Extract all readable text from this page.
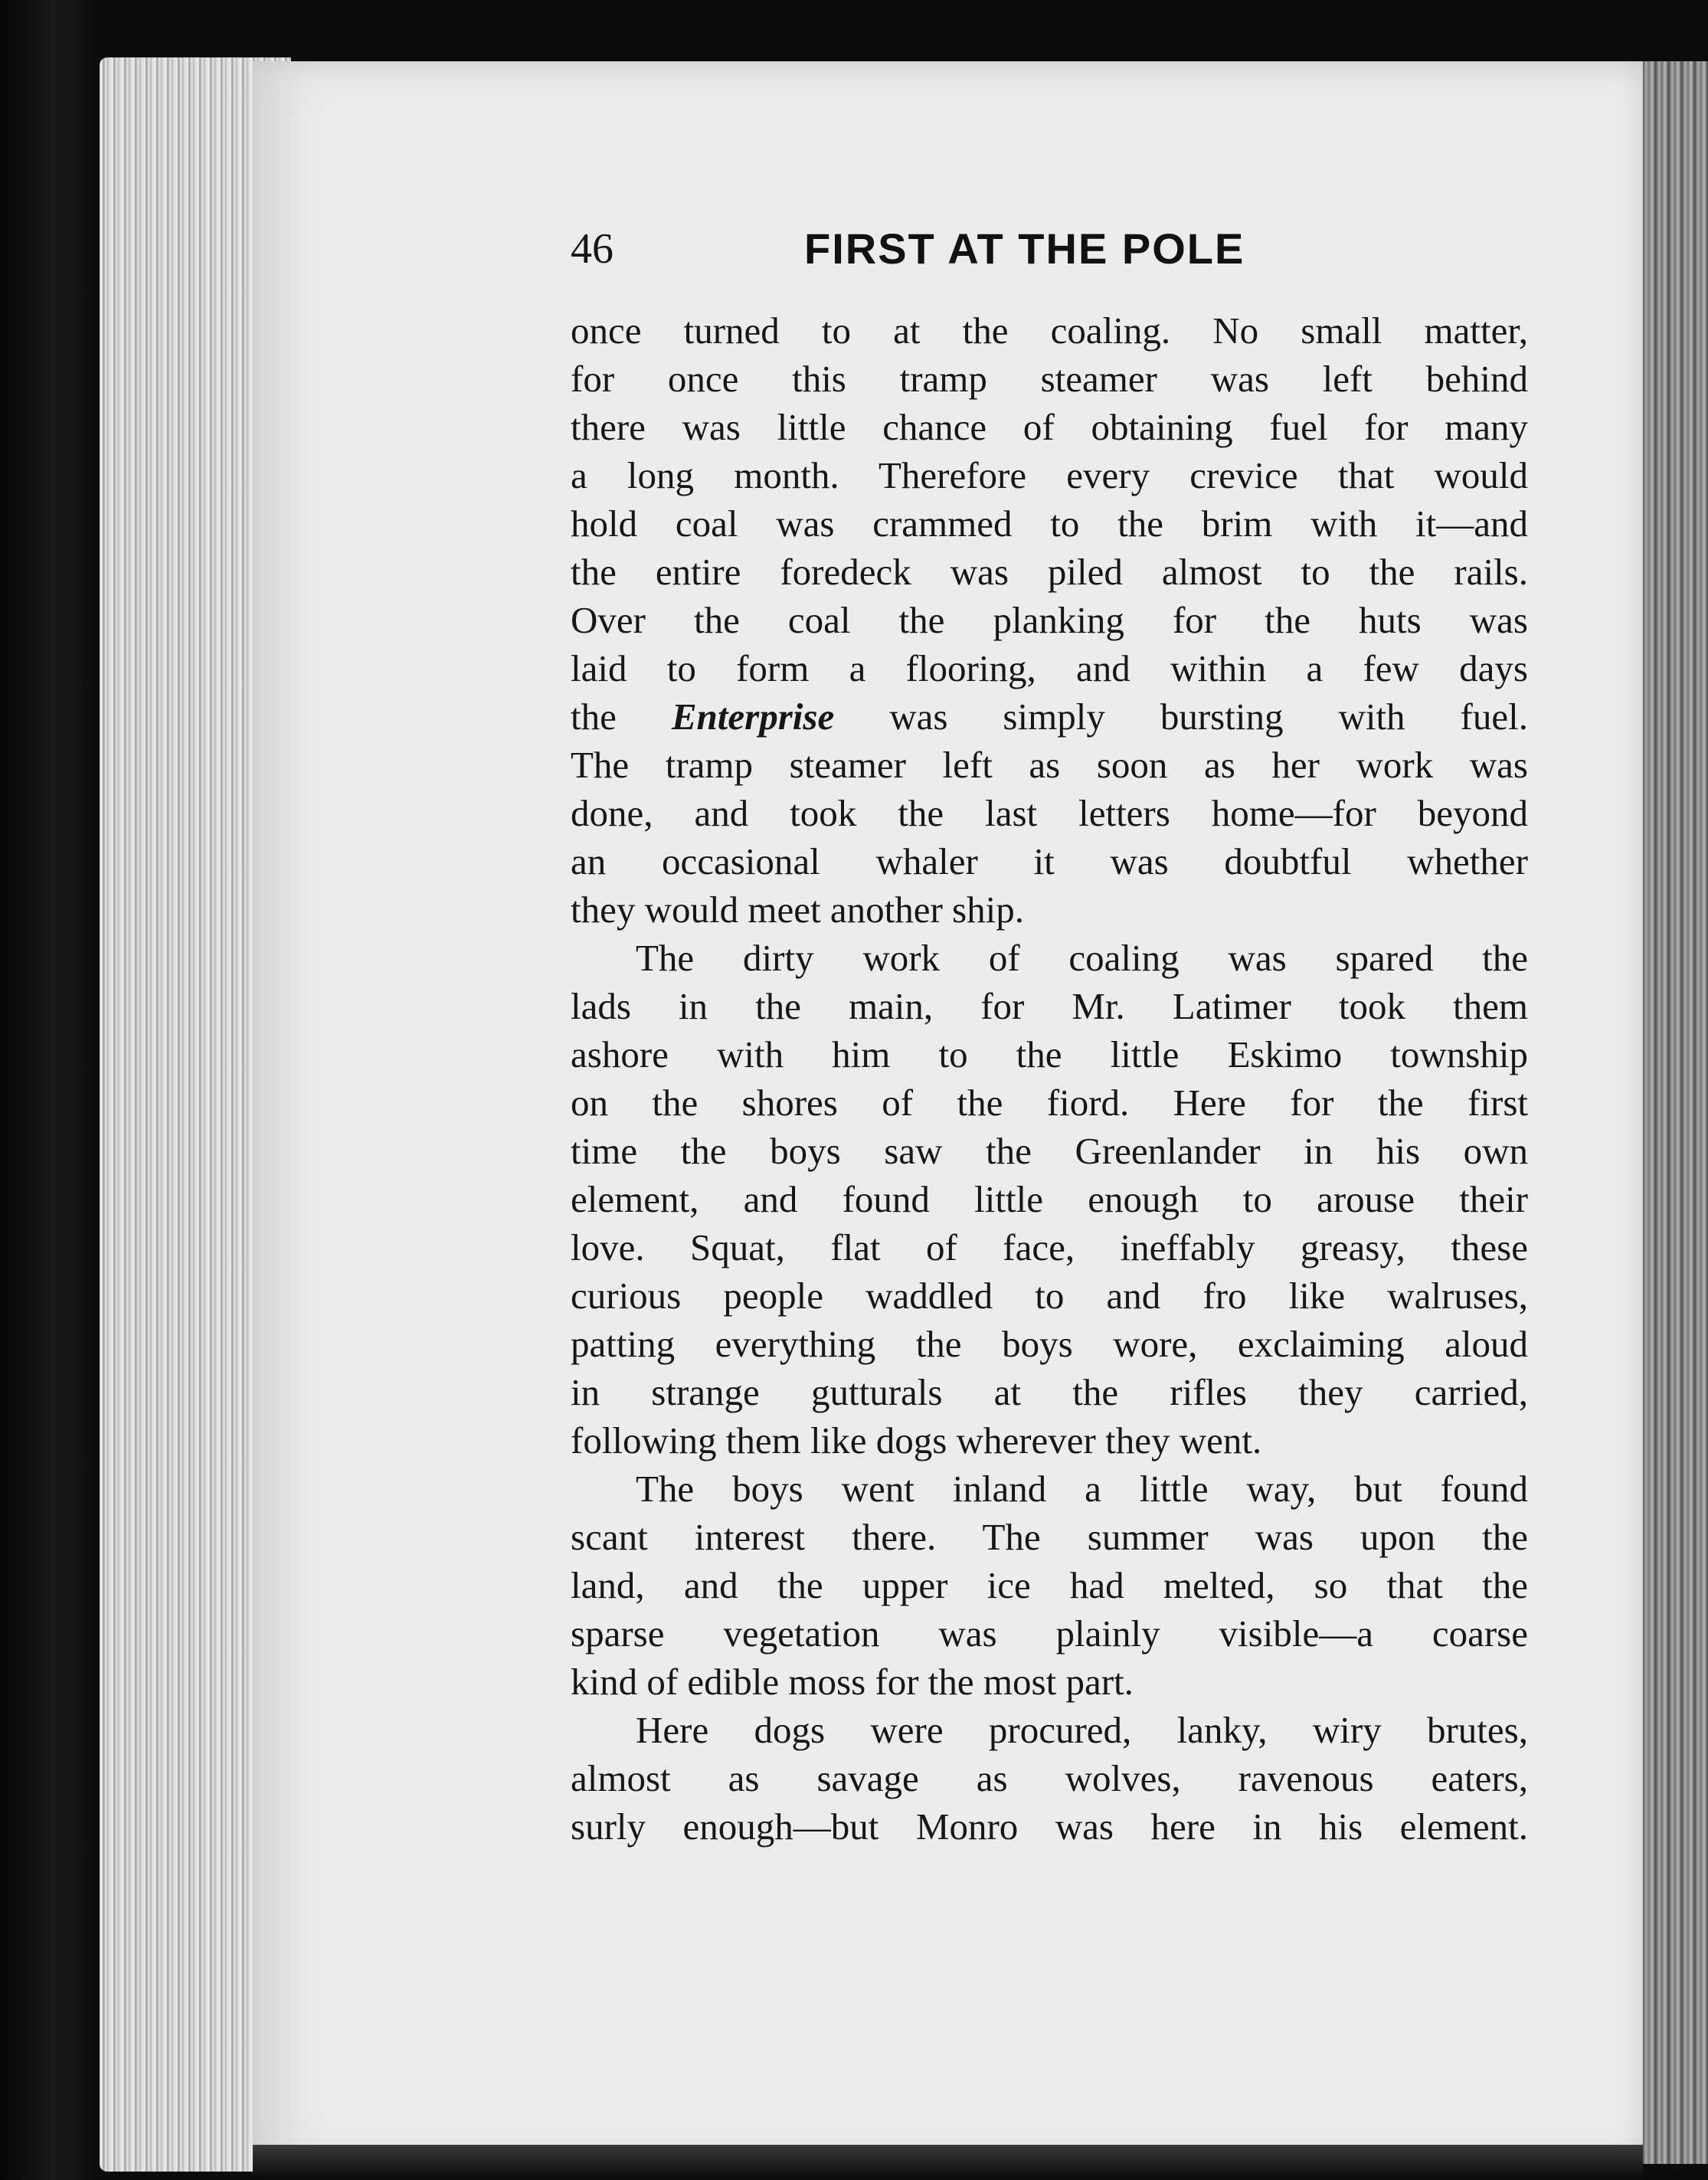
46	FIRST AT THE POLE
once turned to at the coaling. No small matter,
for once this tramp steamer was left behind
there was little chance of obtaining fuel for many
a long month. Therefore every crevice that would
hold coal was crammed to the brim with it—and
the entire foredeck was piled almost to the rails.
Over the coal the planking for the huts was
laid to form a flooring, and within a few days
the Enterprise was simply bursting with fuel.
The tramp steamer left as soon as her work was
done, and took the last letters home—for beyond
an occasional whaler it was doubtful whether
they would meet another ship.
The dirty work of coaling was spared the
lads in the main, for Mr. Latimer took them
ashore with him to the little Eskimo township
on the shores of the fiord. Here for the first
time the boys saw the Greenlander in his own
element, and found little enough to arouse their
love. Squat, flat of face, ineffably greasy, these
curious people waddled to and fro like walruses,
patting everything the boys wore, exclaiming aloud
in strange gutturals at the rifles they carried,
following them like dogs wherever they went.
The boys went inland a little way, but found
scant interest there. The summer was upon the
land, and the upper ice had melted, so that the
sparse vegetation was plainly visible—a coarse
kind of edible moss for the most part.
Here dogs were procured, lanky, wiry brutes,
almost as savage as wolves, ravenous eaters,
surly enough—but Monro was here in his element.
